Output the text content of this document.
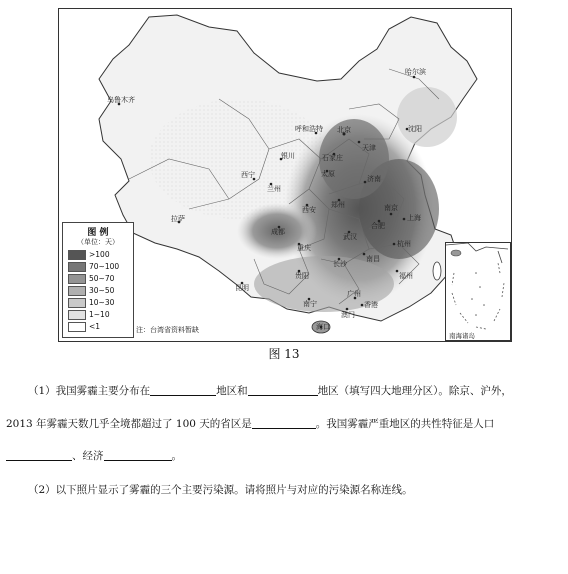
哈尔滨
乌鲁木齐
呼和浩特 北京	沈阳
天津
石家庄
太原
济南
银川
兰州
西宁
郑州
西安
合肥
南京
上海
拉萨
成都
武汉
杭州
重庆
长沙
南昌
福州
贵阳
昆明
广州
南宁	香港
澳门
海口
图 例
（单位：天）
>100
70~100
50~70
30~50
10~30
1~10
<1	注：台湾省资料暂缺
南海诸岛
图 13
（1）我国雾霾主要分布在	地区和	地区（填写四大地理分区）。除京、沪外，
2013 年雾霾天数几乎全境都超过了 100 天的省区是	。我国雾霾严重地区的共性特征是人口
、经济	。
（2）以下照片显示了雾霾的三个主要污染源。请将照片与对应的污染源名称连线。
